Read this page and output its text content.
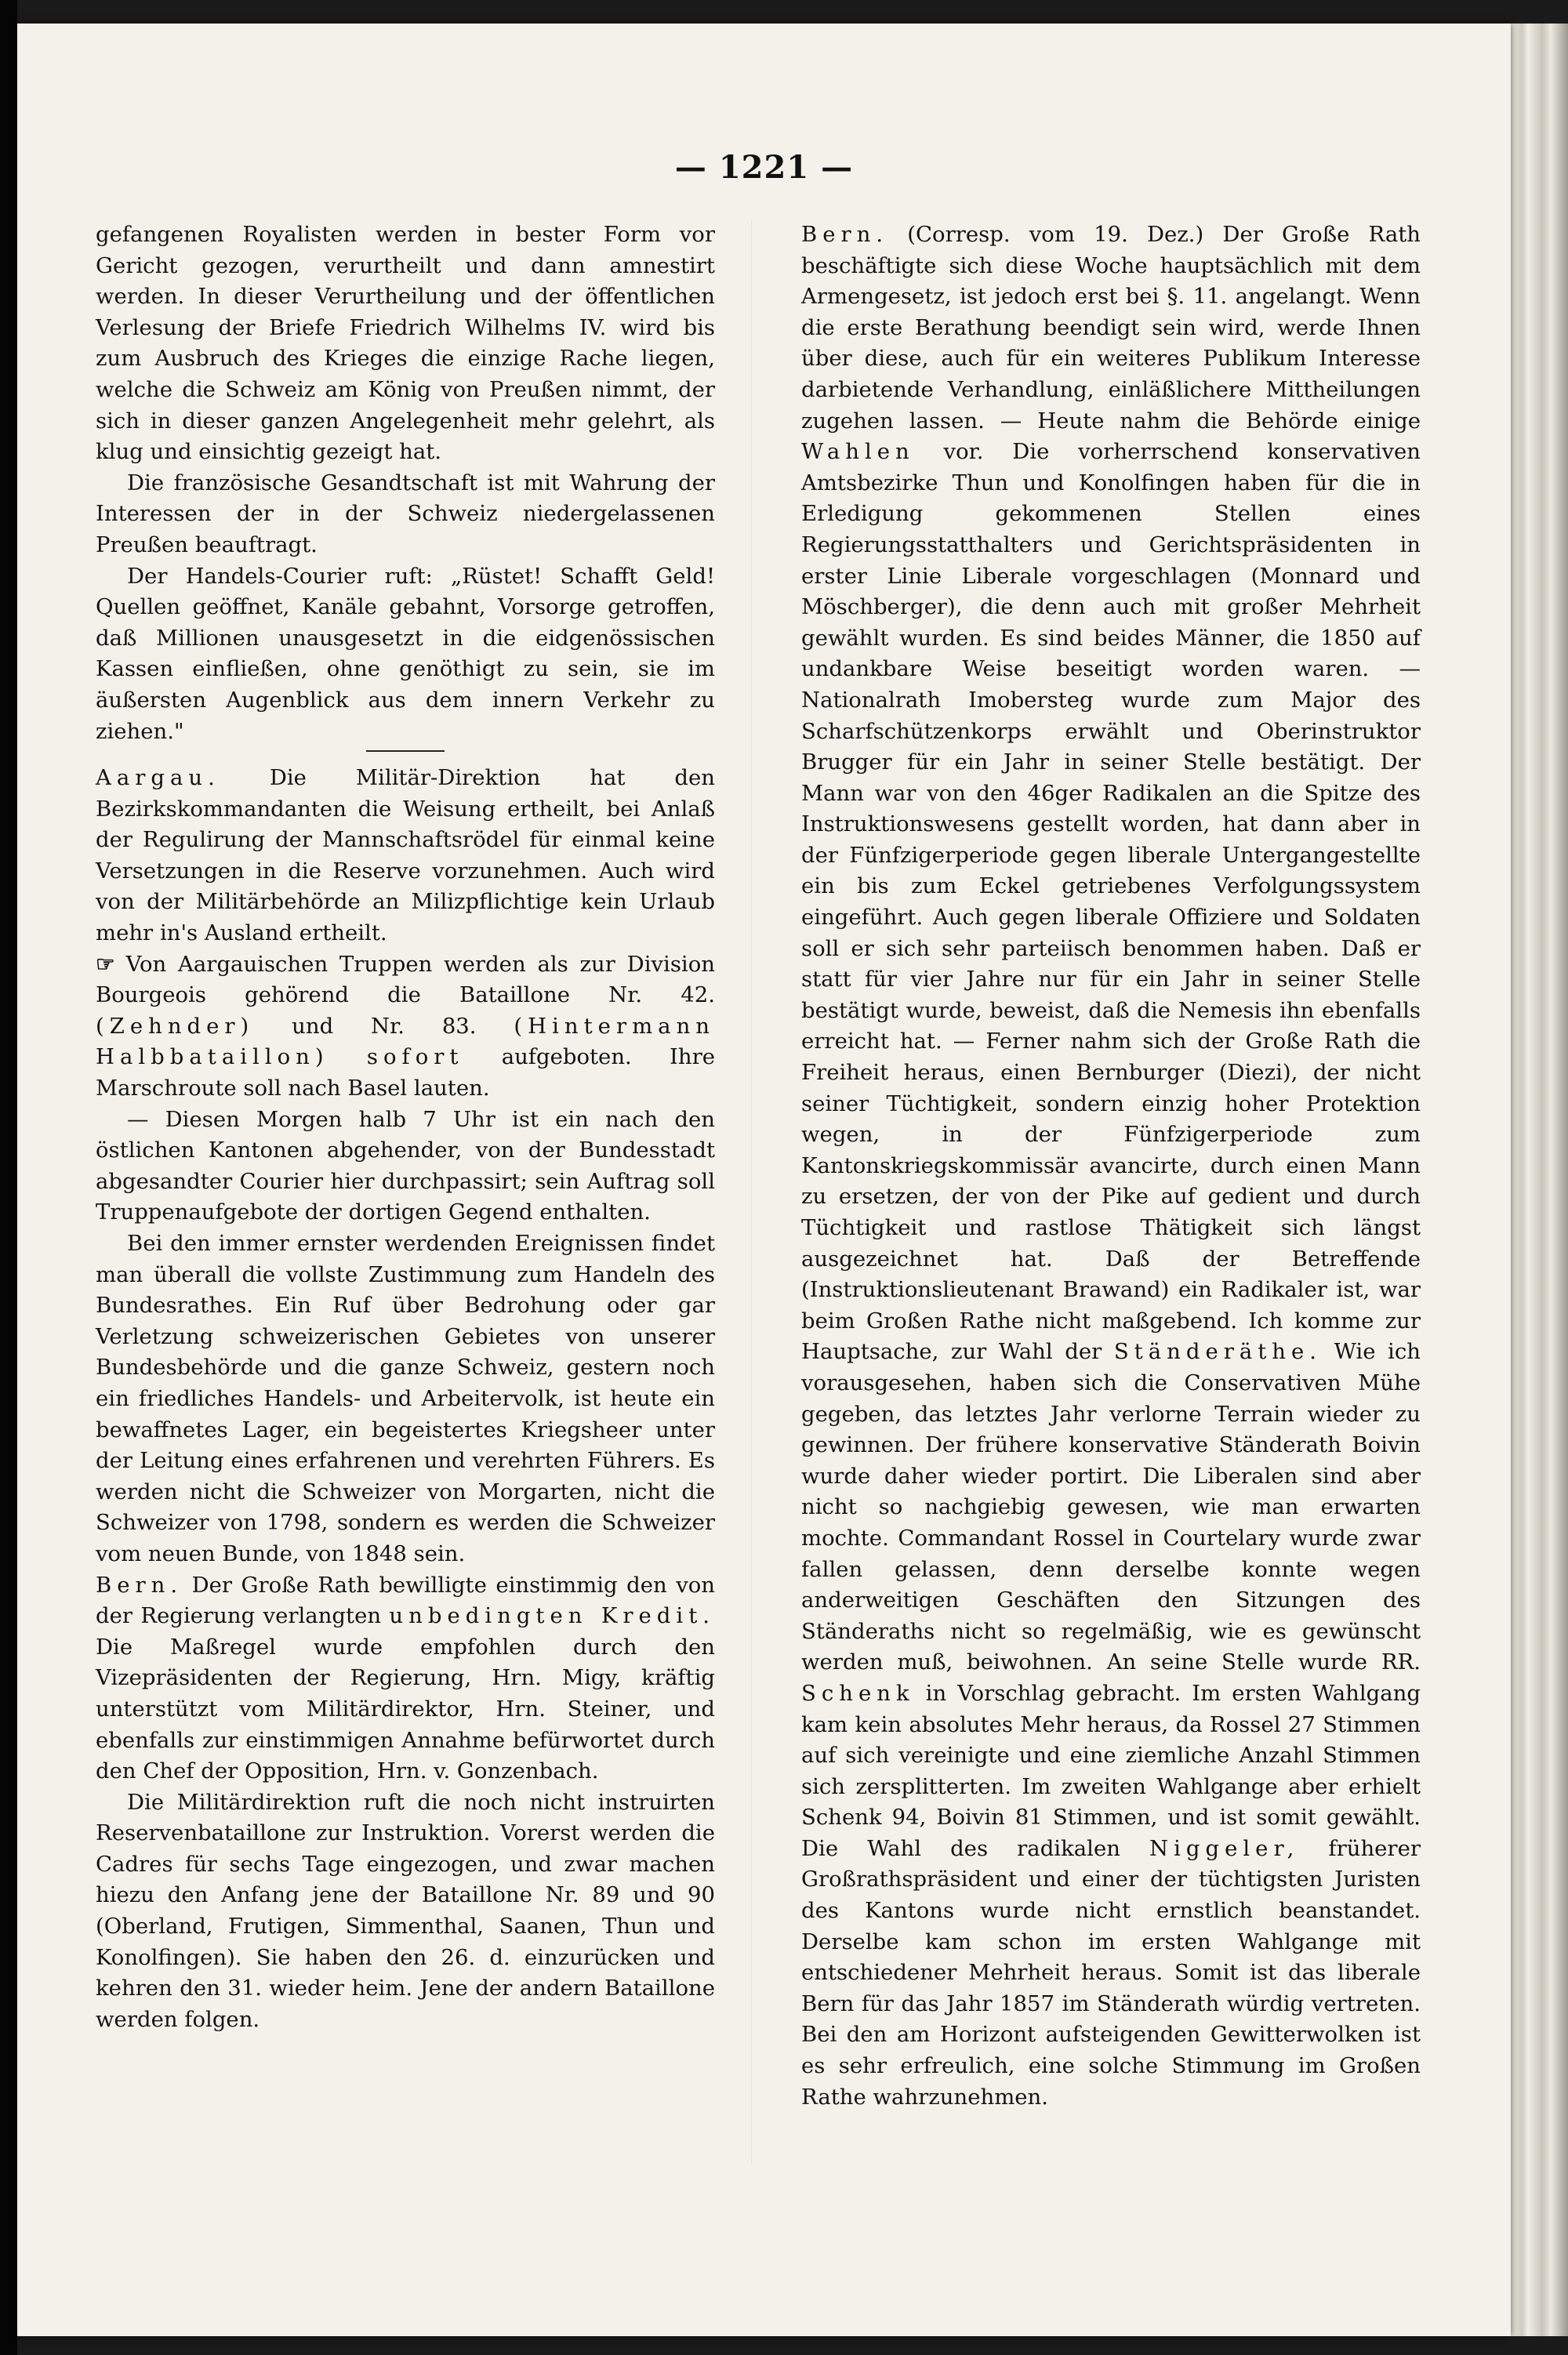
— 1221 —

gefangenen Royalisten werden in bester Form vor Gericht gezogen, verurtheilt und dann amnestirt werden. In dieser Verurtheilung und der öffentlichen Verlesung der Briefe Friedrich Wilhelms IV. wird bis zum Ausbruch des Krieges die einzige Rache liegen, welche die Schweiz am König von Preußen nimmt, der sich in dieser ganzen Angelegenheit mehr gelehrt, als klug und einsichtig gezeigt hat.

Die französische Gesandtschaft ist mit Wahrung der Interessen der in der Schweiz niedergelassenen Preußen beauftragt.

Der Handels-Courier ruft: „Rüstet! Schafft Geld! Quellen geöffnet, Kanäle gebahnt, Vorsorge getroffen, daß Millionen unausgesetzt in die eidgenössischen Kassen einfließen, ohne genöthigt zu sein, sie im äußersten Augenblick aus dem innern Verkehr zu ziehen."

Aargau. Die Militär-Direktion hat den Bezirkskommandanten die Weisung ertheilt, bei Anlaß der Regulirung der Mannschaftsrödel für einmal keine Versetzungen in die Reserve vorzunehmen. Auch wird von der Militärbehörde an Milizpflichtige kein Urlaub mehr in's Ausland ertheilt.

☞ Von Aargauischen Truppen werden als zur Division Bourgeois gehörend die Bataillone Nr. 42. (Zehnder) und Nr. 83. (Hintermann Halbbataillon) sofort aufgeboten. Ihre Marschroute soll nach Basel lauten.

— Diesen Morgen halb 7 Uhr ist ein nach den östlichen Kantonen abgehender, von der Bundesstadt abgesandter Courier hier durchpassirt; sein Auftrag soll Truppenaufgebote der dortigen Gegend enthalten.

Bei den immer ernster werdenden Ereignissen findet man überall die vollste Zustimmung zum Handeln des Bundesrathes. Ein Ruf über Bedrohung oder gar Verletzung schweizerischen Gebietes von unserer Bundesbehörde und die ganze Schweiz, gestern noch ein friedliches Handels- und Arbeitervolk, ist heute ein bewaffnetes Lager, ein begeistertes Kriegsheer unter der Leitung eines erfahrenen und verehrten Führers. Es werden nicht die Schweizer von Morgarten, nicht die Schweizer von 1798, sondern es werden die Schweizer vom neuen Bunde, von 1848 sein.

Bern. Der Große Rath bewilligte einstimmig den von der Regierung verlangten unbedingten Kredit. Die Maßregel wurde empfohlen durch den Vizepräsidenten der Regierung, Hrn. Migy, kräftig unterstützt vom Militärdirektor, Hrn. Steiner, und ebenfalls zur einstimmigen Annahme befürwortet durch den Chef der Opposition, Hrn. v. Gonzenbach.

Die Militärdirektion ruft die noch nicht instruirten Reservenbataillone zur Instruktion. Vorerst werden die Cadres für sechs Tage eingezogen, und zwar machen hiezu den Anfang jene der Bataillone Nr. 89 und 90 (Oberland, Frutigen, Simmenthal, Saanen, Thun und Konolfingen). Sie haben den 26. d. einzurücken und kehren den 31. wieder heim. Jene der andern Bataillone werden folgen.

Bern. (Corresp. vom 19. Dez.) Der Große Rath beschäftigte sich diese Woche hauptsächlich mit dem Armengesetz, ist jedoch erst bei §. 11. angelangt. Wenn die erste Berathung beendigt sein wird, werde Ihnen über diese, auch für ein weiteres Publikum Interesse darbietende Verhandlung, einläßlichere Mittheilungen zugehen lassen. — Heute nahm die Behörde einige Wahlen vor. Die vorherrschend konservativen Amtsbezirke Thun und Konolfingen haben für die in Erledigung gekommenen Stellen eines Regierungsstatthalters und Gerichtspräsidenten in erster Linie Liberale vorgeschlagen (Monnard und Möschberger), die denn auch mit großer Mehrheit gewählt wurden. Es sind beides Männer, die 1850 auf undankbare Weise beseitigt worden waren. — Nationalrath Imobersteg wurde zum Major des Scharfschützenkorps erwählt und Oberinstruktor Brugger für ein Jahr in seiner Stelle bestätigt. Der Mann war von den 46ger Radikalen an die Spitze des Instruktionswesens gestellt worden, hat dann aber in der Fünfzigerperiode gegen liberale Untergangestellte ein bis zum Eckel getriebenes Verfolgungssystem eingeführt. Auch gegen liberale Offiziere und Soldaten soll er sich sehr parteiisch benommen haben. Daß er statt für vier Jahre nur für ein Jahr in seiner Stelle bestätigt wurde, beweist, daß die Nemesis ihn ebenfalls erreicht hat. — Ferner nahm sich der Große Rath die Freiheit heraus, einen Bernburger (Diezi), der nicht seiner Tüchtigkeit, sondern einzig hoher Protektion wegen, in der Fünfzigerperiode zum Kantonskriegskommissär avancirte, durch einen Mann zu ersetzen, der von der Pike auf gedient und durch Tüchtigkeit und rastlose Thätigkeit sich längst ausgezeichnet hat. Daß der Betreffende (Instruktionslieutenant Brawand) ein Radikaler ist, war beim Großen Rathe nicht maßgebend. Ich komme zur Hauptsache, zur Wahl der Ständeräthe. Wie ich vorausgesehen, haben sich die Conservativen Mühe gegeben, das letztes Jahr verlorne Terrain wieder zu gewinnen. Der frühere konservative Ständerath Boivin wurde daher wieder portirt. Die Liberalen sind aber nicht so nachgiebig gewesen, wie man erwarten mochte. Commandant Rossel in Courtelary wurde zwar fallen gelassen, denn derselbe konnte wegen anderweitigen Geschäften den Sitzungen des Ständeraths nicht so regelmäßig, wie es gewünscht werden muß, beiwohnen. An seine Stelle wurde RR. Schenk in Vorschlag gebracht. Im ersten Wahlgang kam kein absolutes Mehr heraus, da Rossel 27 Stimmen auf sich vereinigte und eine ziemliche Anzahl Stimmen sich zersplitterten. Im zweiten Wahlgange aber erhielt Schenk 94, Boivin 81 Stimmen, und ist somit gewählt. Die Wahl des radikalen Niggeler, früherer Großrathspräsident und einer der tüchtigsten Juristen des Kantons wurde nicht ernstlich beanstandet. Derselbe kam schon im ersten Wahlgange mit entschiedener Mehrheit heraus. Somit ist das liberale Bern für das Jahr 1857 im Ständerath würdig vertreten. Bei den am Horizont aufsteigenden Gewitterwolken ist es sehr erfreulich, eine solche Stimmung im Großen Rathe wahrzunehmen.
